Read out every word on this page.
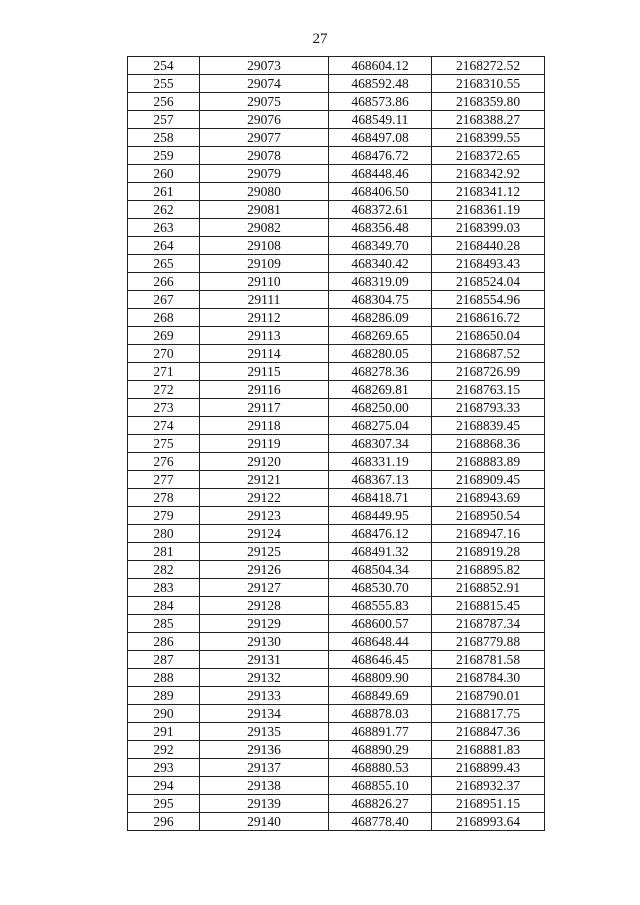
27
254	29073	468604.12	2168272.52
255	29074	468592.48	2168310.55
256	29075	468573.86	2168359.80
257	29076	468549.11	2168388.27
258	29077	468497.08	2168399.55
259	29078	468476.72	2168372.65
260	29079	468448.46	2168342.92
261	29080	468406.50	2168341.12
262	29081	468372.61	2168361.19
263	29082	468356.48	2168399.03
264	29108	468349.70	2168440.28
265	29109	468340.42	2168493.43
266	29110	468319.09	2168524.04
267	29111	468304.75	2168554.96
268	29112	468286.09	2168616.72
269	29113	468269.65	2168650.04
270	29114	468280.05	2168687.52
271	29115	468278.36	2168726.99
272	29116	468269.81	2168763.15
273	29117	468250.00	2168793.33
274	29118	468275.04	2168839.45
275	29119	468307.34	2168868.36
276	29120	468331.19	2168883.89
277	29121	468367.13	2168909.45
278	29122	468418.71	2168943.69
279	29123	468449.95	2168950.54
280	29124	468476.12	2168947.16
281	29125	468491.32	2168919.28
282	29126	468504.34	2168895.82
283	29127	468530.70	2168852.91
284	29128	468555.83	2168815.45
285	29129	468600.57	2168787.34
286	29130	468648.44	2168779.88
287	29131	468646.45	2168781.58
288	29132	468809.90	2168784.30
289	29133	468849.69	2168790.01
290	29134	468878.03	2168817.75
291	29135	468891.77	2168847.36
292	29136	468890.29	2168881.83
293	29137	468880.53	2168899.43
294	29138	468855.10	2168932.37
295	29139	468826.27	2168951.15
296	29140	468778.40	2168993.64
